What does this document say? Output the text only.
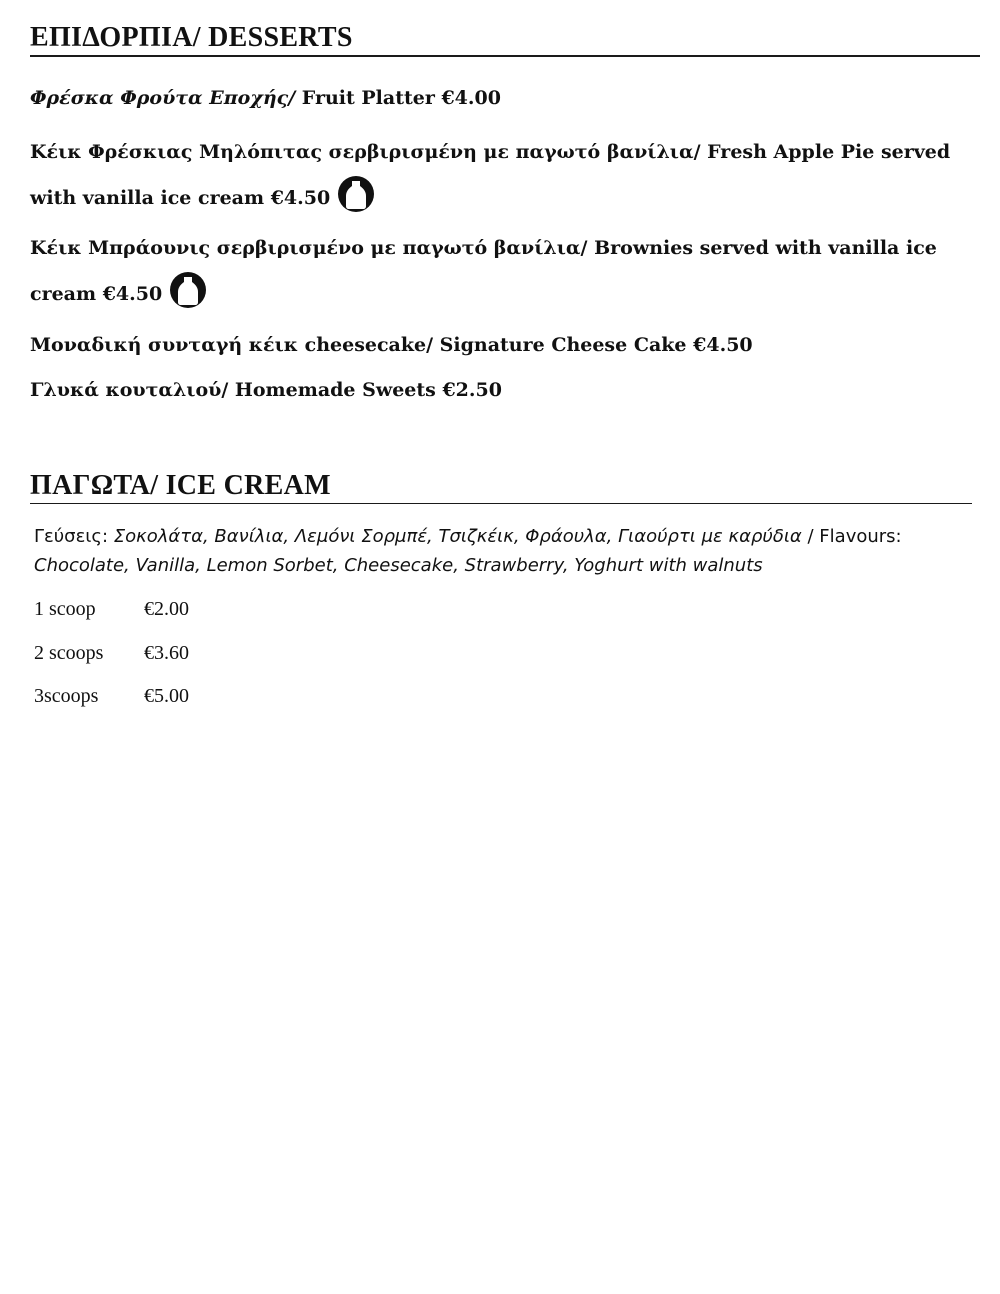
ΕΠΙΔΟΡΠΙΑ/ DESSERTS

Φρέσκα Φρούτα Εποχής/ Fruit Platter €4.00

Κέικ Φρέσκιας Μηλόπιτας σερβιρισμένη με παγωτό βανίλια/ Fresh Apple Pie served
with vanilla ice cream €4.50

Κέικ Μπράουνις σερβιρισμένο με παγωτό βανίλια/ Brownies served with vanilla ice
cream €4.50

Μοναδική συνταγή κέικ cheesecake/ Signature Cheese Cake €4.50

Γλυκά κουταλιού/ Homemade Sweets €2.50

ΠΑΓΩΤΑ/ ICE CREAM

Γεύσεις: Σοκολάτα, Βανίλια, Λεμόνι Σορμπέ, Τσιζκέικ, Φράουλα, Γιαούρτι με καρύδια / Flavours: Chocolate, Vanilla, Lemon Sorbet, Cheesecake, Strawberry, Yoghurt with walnuts

1 scoop €2.00
2 scoops €3.60
3scoops €5.00
